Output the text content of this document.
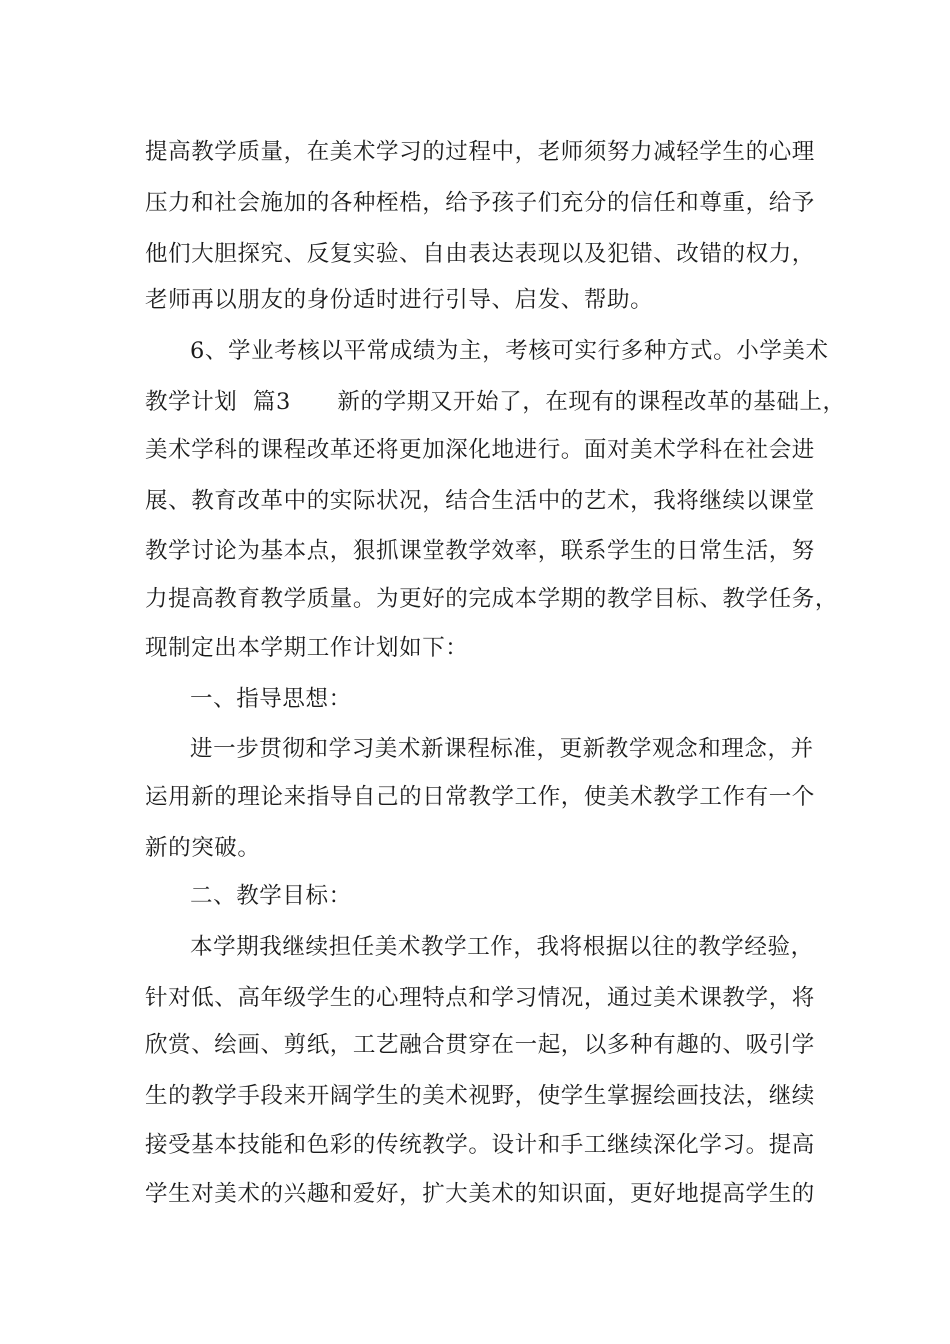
提高教学质量，在美术学习的过程中，老师须努力减轻学生的心理
压力和社会施加的各种桎梏，给予孩子们充分的信任和尊重，给予
他们大胆探究、反复实验、自由表达表现以及犯错、改错的权力，
老师再以朋友的身份适时进行引导、启发、帮助。
6、学业考核以平常成绩为主，考核可实行多种方式。小学美术
教学计划  篇3      新的学期又开始了，在现有的课程改革的基础上，
美术学科的课程改革还将更加深化地进行。面对美术学科在社会进
展、教育改革中的实际状况，结合生活中的艺术，我将继续以课堂
教学讨论为基本点，狠抓课堂教学效率，联系学生的日常生活，努
力提高教育教学质量。为更好的完成本学期的教学目标、教学任务，
现制定出本学期工作计划如下：
一、指导思想：
进一步贯彻和学习美术新课程标准，更新教学观念和理念，并
运用新的理论来指导自己的日常教学工作，使美术教学工作有一个
新的突破。
二、教学目标：
本学期我继续担任美术教学工作，我将根据以往的教学经验，
针对低、高年级学生的心理特点和学习情况，通过美术课教学，将
欣赏、绘画、剪纸，工艺融合贯穿在一起，以多种有趣的、吸引学
生的教学手段来开阔学生的美术视野，使学生掌握绘画技法，继续
接受基本技能和色彩的传统教学。设计和手工继续深化学习。提高
学生对美术的兴趣和爱好，扩大美术的知识面，更好地提高学生的
